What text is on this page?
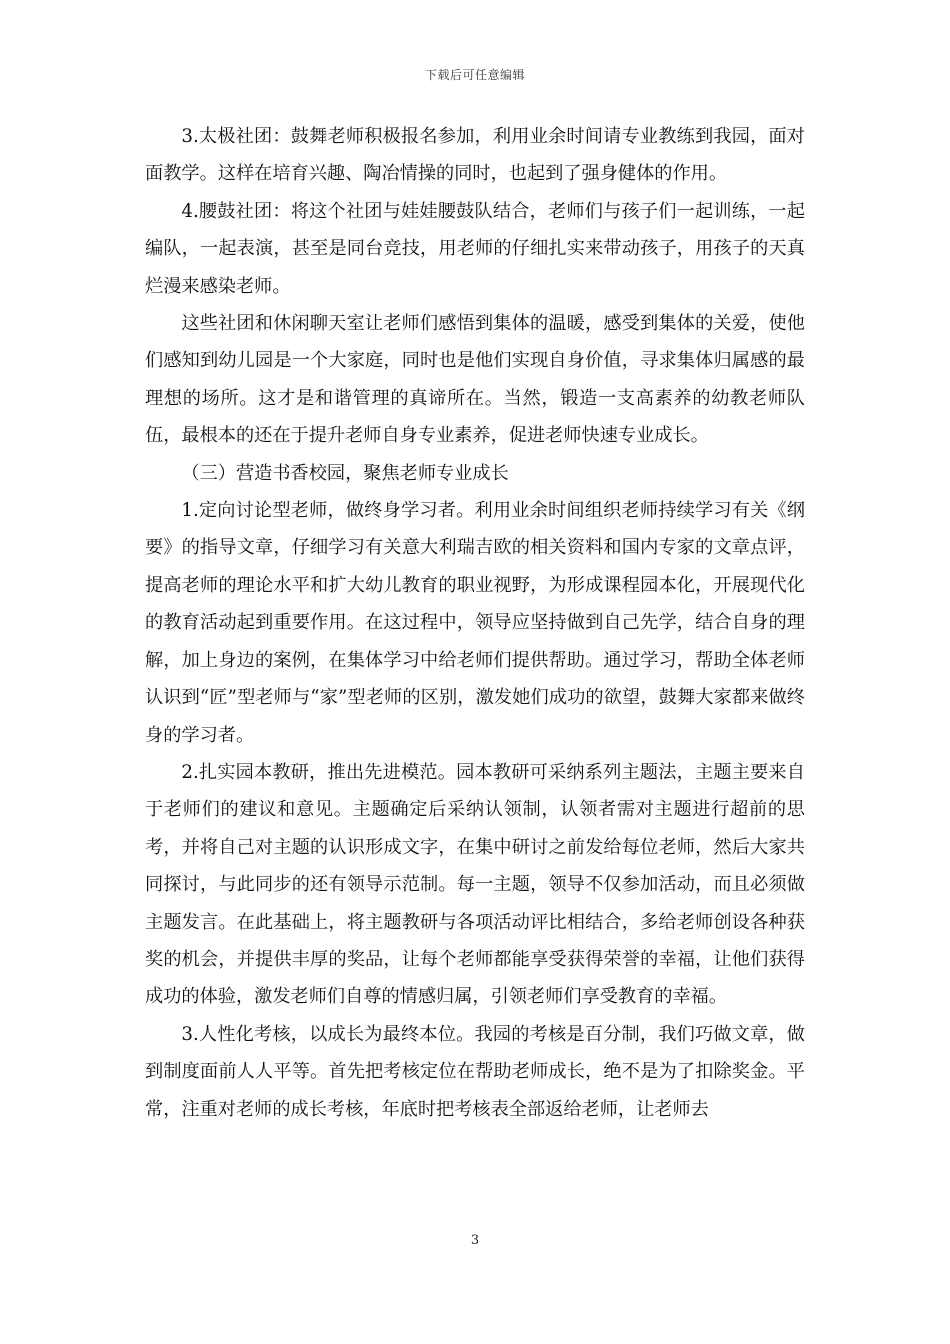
下载后可任意编辑

3.太极社团：鼓舞老师积极报名参加，利用业余时间请专业教练到我园，面对面教学。这样在培育兴趣、陶冶情操的同时，也起到了强身健体的作用。

4.腰鼓社团：将这个社团与娃娃腰鼓队结合，老师们与孩子们一起训练，一起编队，一起表演，甚至是同台竞技，用老师的仔细扎实来带动孩子，用孩子的天真烂漫来感染老师。

这些社团和休闲聊天室让老师们感悟到集体的温暖，感受到集体的关爱，使他们感知到幼儿园是一个大家庭，同时也是他们实现自身价值，寻求集体归属感的最理想的场所。这才是和谐管理的真谛所在。当然，锻造一支高素养的幼教老师队伍，最根本的还在于提升老师自身专业素养，促进老师快速专业成长。

（三）营造书香校园，聚焦老师专业成长

1.定向讨论型老师，做终身学习者。利用业余时间组织老师持续学习有关《纲要》的指导文章，仔细学习有关意大利瑞吉欧的相关资料和国内专家的文章点评，提高老师的理论水平和扩大幼儿教育的职业视野，为形成课程园本化，开展现代化的教育活动起到重要作用。在这过程中，领导应坚持做到自己先学，结合自身的理解，加上身边的案例，在集体学习中给老师们提供帮助。通过学习，帮助全体老师认识到“匠”型老师与“家”型老师的区别，激发她们成功的欲望，鼓舞大家都来做终身的学习者。

2.扎实园本教研，推出先进模范。园本教研可采纳系列主题法，主题主要来自于老师们的建议和意见。主题确定后采纳认领制，认领者需对主题进行超前的思考，并将自己对主题的认识形成文字，在集中研讨之前发给每位老师，然后大家共同探讨，与此同步的还有领导示范制。每一主题，领导不仅参加活动，而且必须做主题发言。在此基础上，将主题教研与各项活动评比相结合，多给老师创设各种获奖的机会，并提供丰厚的奖品，让每个老师都能享受获得荣誉的幸福，让他们获得成功的体验，激发老师们自尊的情感归属，引领老师们享受教育的幸福。

3.人性化考核，以成长为最终本位。我园的考核是百分制，我们巧做文章，做到制度面前人人平等。首先把考核定位在帮助老师成长，绝不是为了扣除奖金。平常，注重对老师的成长考核，年底时把考核表全部返给老师，让老师去

3
